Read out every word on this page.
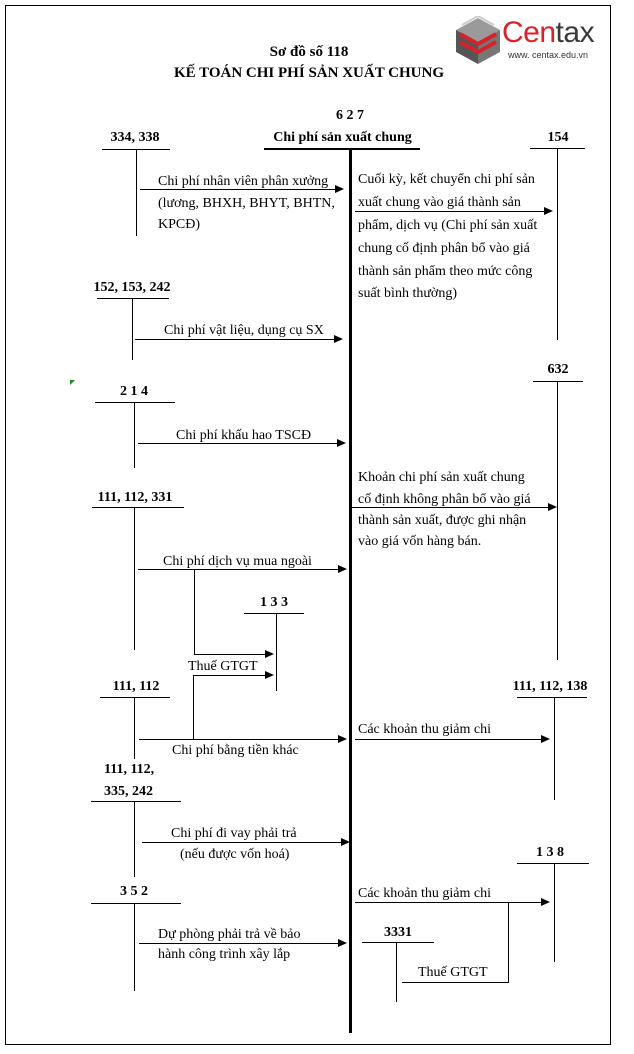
Centax
www. centax.edu.vn
Sơ đồ số 118
KẾ TOÁN CHI PHÍ SẢN XUẤT CHUNG
6 2 7
Chi phí sản xuất chung
334, 338
Chi phí nhân viên phân xưởng
(lương, BHXH, BHYT, BHTN,
KPCĐ)
152, 153, 242
Chi phí vật liệu, dụng cụ SX
2 1 4
Chi phí khấu hao TSCĐ
111, 112, 331
Chi phí dịch vụ mua ngoài
1 3 3
Thuế GTGT
111, 112
Chi phí bằng tiền khác
111, 112,
335, 242
Chi phí đi vay phải trả
(nếu được vốn hoá)
3 5 2
Dự phòng phải trả về bảo
hành công trình xây lắp
154
Cuối kỳ, kết chuyển chi phí sản
xuất chung vào giá thành sản
phẩm, dịch vụ (Chi phí sản xuất
chung cố định phân bổ vào giá
thành sản phẩm theo mức công
suất bình thường)
632
Khoản chi phí sản xuất chung
cố định không phân bổ vào giá
thành sản xuất, được ghi nhận
vào giá vốn hàng bán.
111, 112, 138
Các khoản thu giảm chi
1 3 8
Các khoản thu giảm chi
3331
Thuế GTGT
